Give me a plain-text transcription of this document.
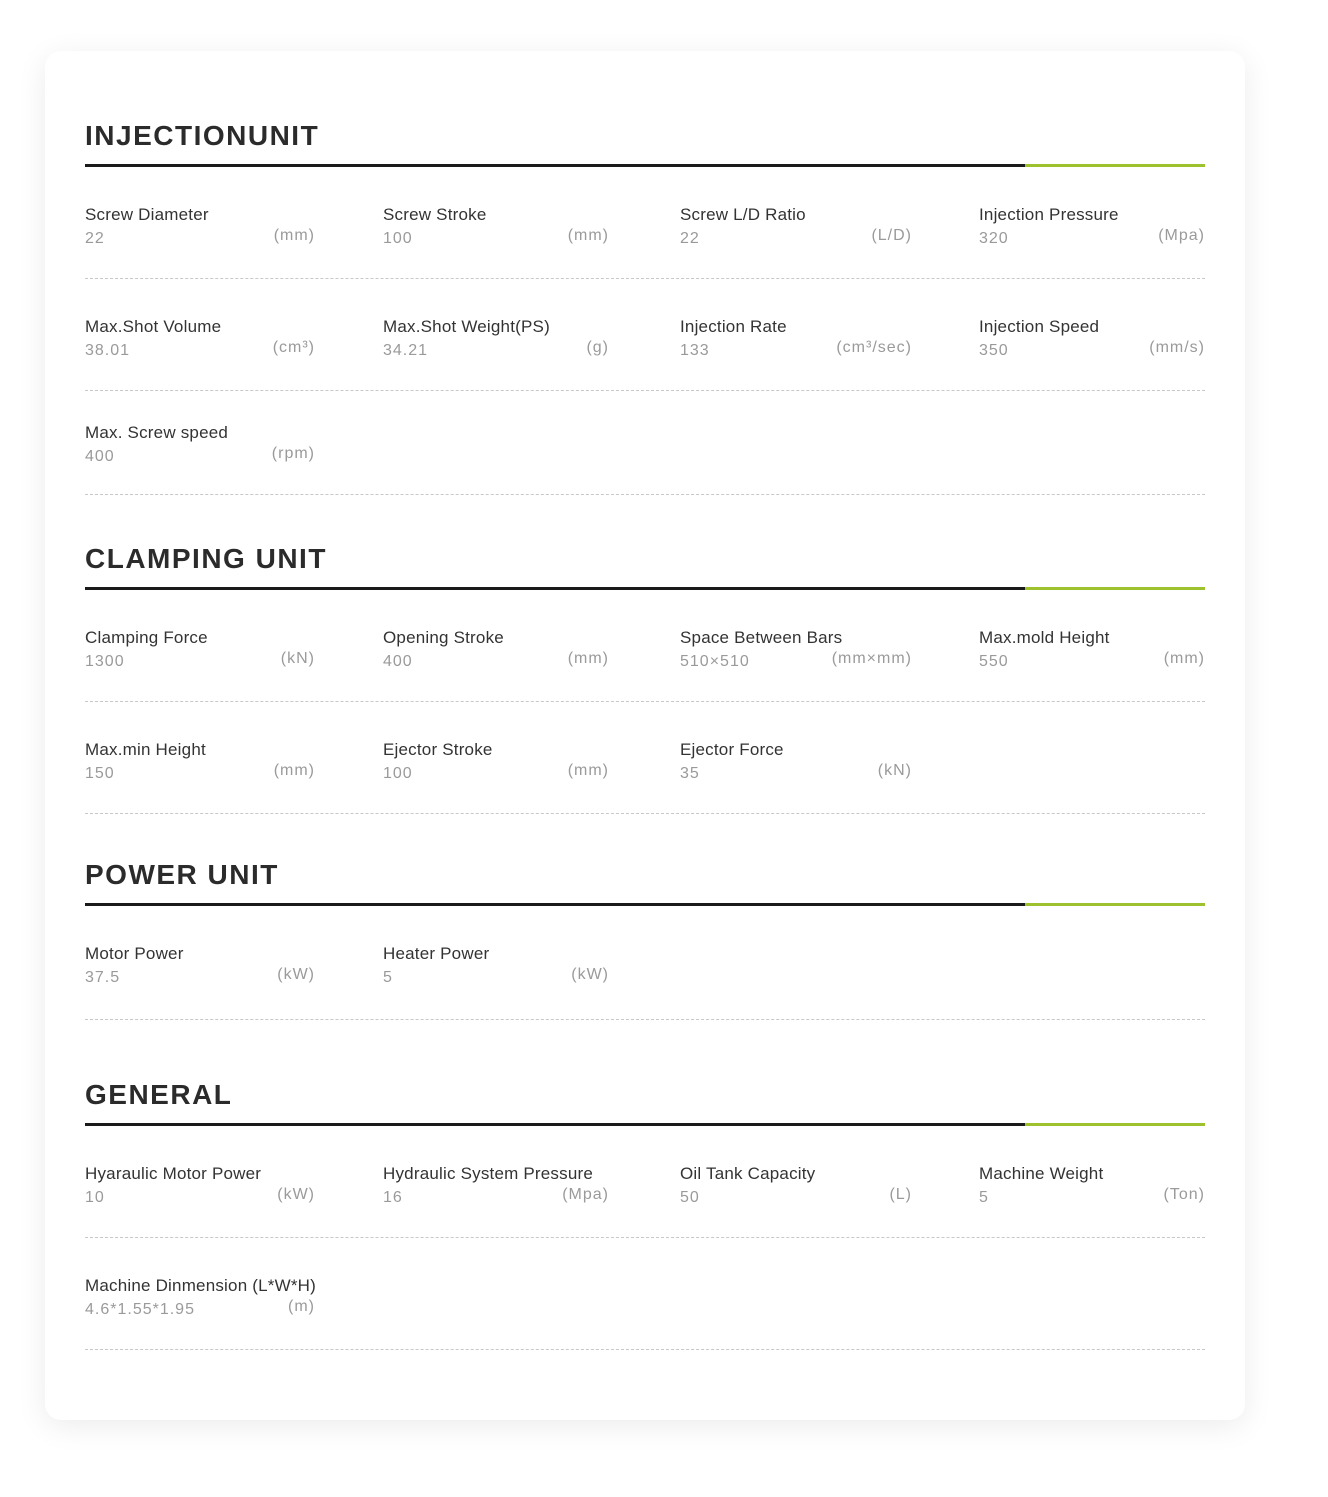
INJECTIONUNIT
Screw Diameter
22	(mm)
Screw Stroke
100	(mm)
Screw L/D Ratio
22	(L/D)
Injection Pressure
320	(Mpa)
Max.Shot Volume
38.01	(cm³)
Max.Shot Weight(PS)
34.21	(g)
Injection Rate
133	(cm³/sec)
Injection Speed
350	(mm/s)
Max. Screw speed
400	(rpm)
CLAMPING UNIT
Clamping Force
1300	(kN)
Opening Stroke
400	(mm)
Space Between Bars
510×510	(mm×mm)
Max.mold Height
550	(mm)
Max.min Height
150	(mm)
Ejector Stroke
100	(mm)
Ejector Force
35	(kN)
POWER UNIT
Motor Power
37.5	(kW)
Heater Power
5	(kW)
GENERAL
Hyaraulic Motor Power
10	(kW)
Hydraulic System Pressure
16	(Mpa)
Oil Tank Capacity
50	(L)
Machine Weight
5	(Ton)
Machine Dinmension (L*W*H)
4.6*1.55*1.95	(m)
